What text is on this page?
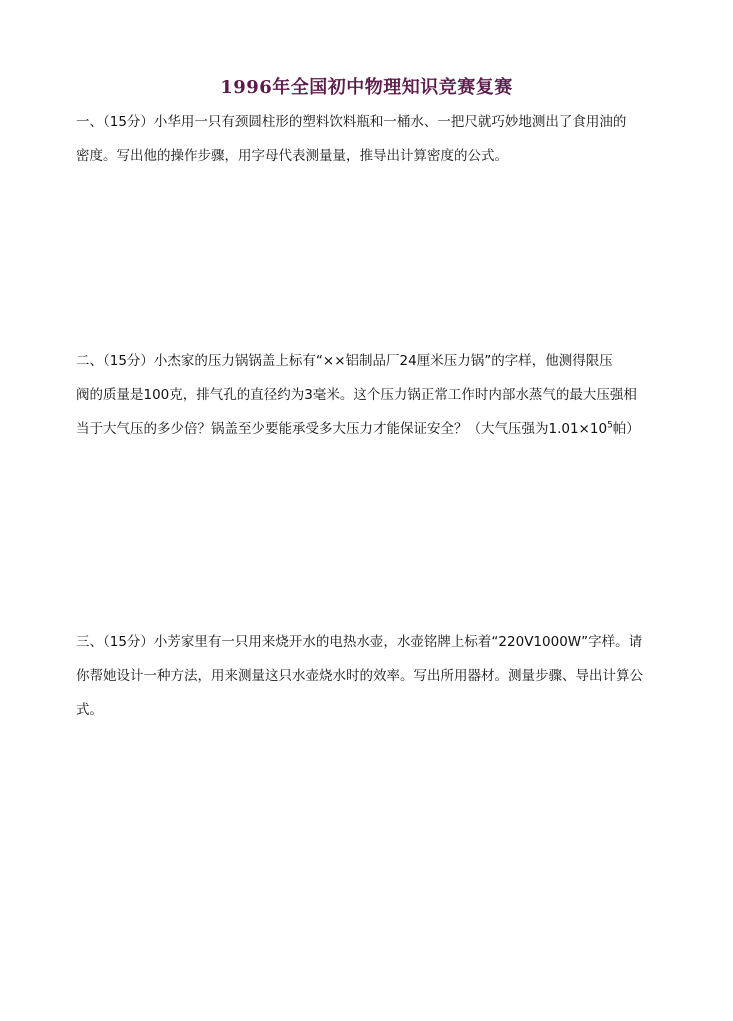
1996年全国初中物理知识竞赛复赛
一、（15分）小华用一只有颈圆柱形的塑料饮料瓶和一桶水、一把尺就巧妙地测出了食用油的
密度。写出他的操作步骤，用字母代表测量量，推导出计算密度的公式。
二、（15分）小杰家的压力锅锅盖上标有“××铝制品厂24厘米压力锅”的字样，他测得限压
阀的质量是100克，排气孔的直径约为3毫米。这个压力锅正常工作时内部水蒸气的最大压强相
当于大气压的多少倍？锅盖至少要能承受多大压力才能保证安全？（大气压强为$1.01\times 10^5$帕）
三、（15分）小芳家里有一只用来烧开水的电热水壶，水壶铭牌上标着“220V1000W”字样。请
你帮她设计一种方法，用来测量这只水壶烧水时的效率。写出所用器材。测量步骤、导出计算公
式。
